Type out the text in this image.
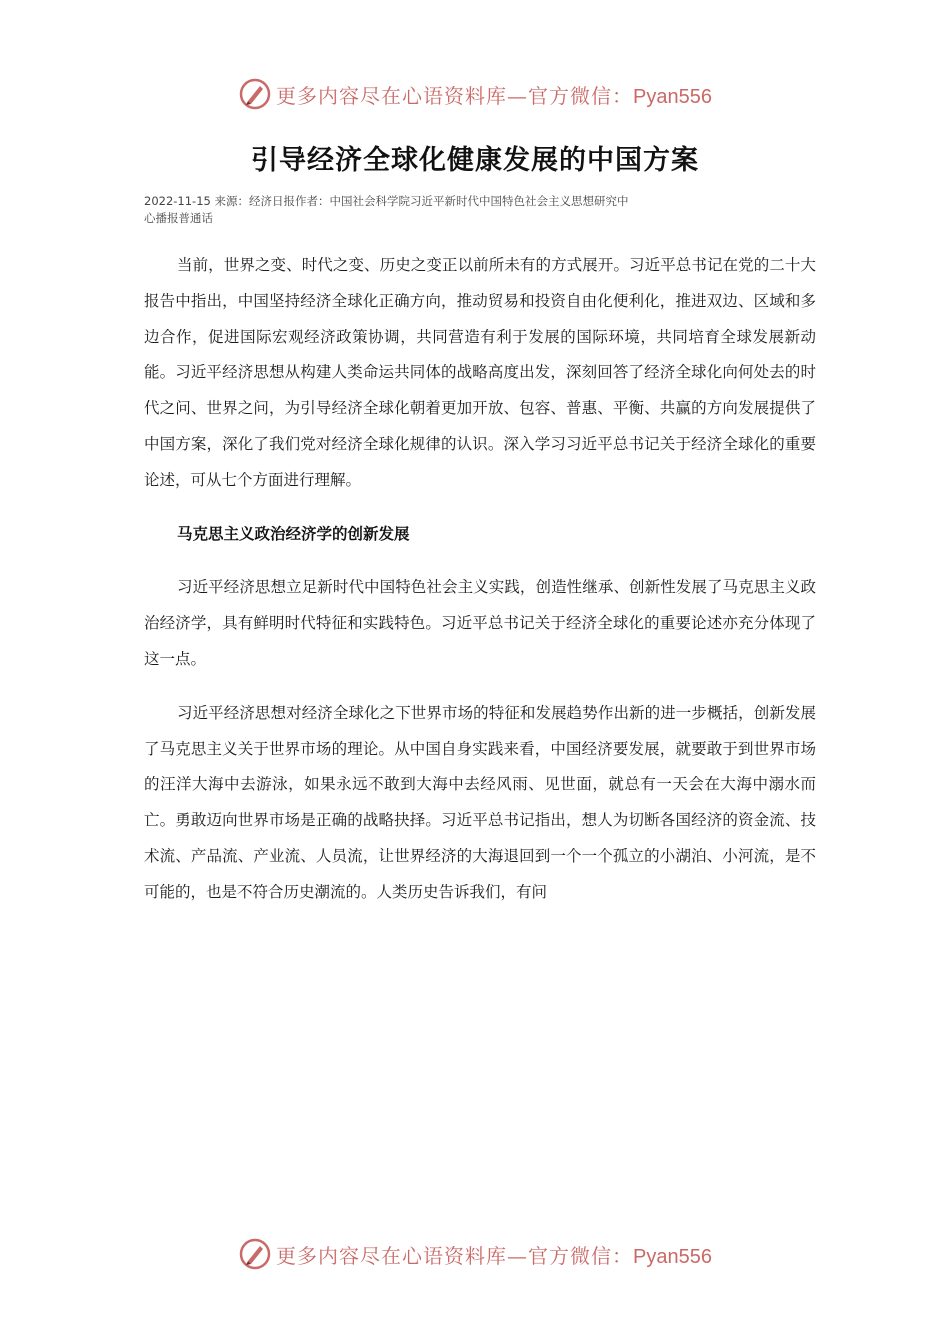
更多内容尽在心语资料库—官方微信：Pyan556
引导经济全球化健康发展的中国方案
2022-11-15 来源：经济日报作者：中国社会科学院习近平新时代中国特色社会主义思想研究中
心播报普通话

当前，世界之变、时代之变、历史之变正以前所未有的方式展开。习近平总书记在党的二十大报告中指出，中国坚持经济全球化正确方向，推动贸易和投资自由化便利化，推进双边、区域和多边合作，促进国际宏观经济政策协调，共同营造有利于发展的国际环境，共同培育全球发展新动能。习近平经济思想从构建人类命运共同体的战略高度出发，深刻回答了经济全球化向何处去的时代之问、世界之问，为引导经济全球化朝着更加开放、包容、普惠、平衡、共赢的方向发展提供了中国方案，深化了我们党对经济全球化规律的认识。深入学习习近平总书记关于经济全球化的重要论述，可从七个方面进行理解。

马克思主义政治经济学的创新发展

习近平经济思想立足新时代中国特色社会主义实践，创造性继承、创新性发展了马克思主义政治经济学，具有鲜明时代特征和实践特色。习近平总书记关于经济全球化的重要论述亦充分体现了这一点。

习近平经济思想对经济全球化之下世界市场的特征和发展趋势作出新的进一步概括，创新发展了马克思主义关于世界市场的理论。从中国自身实践来看，中国经济要发展，就要敢于到世界市场的汪洋大海中去游泳，如果永远不敢到大海中去经风雨、见世面，就总有一天会在大海中溺水而亡。勇敢迈向世界市场是正确的战略抉择。习近平总书记指出，想人为切断各国经济的资金流、技术流、产品流、产业流、人员流，让世界经济的大海退回到一个一个孤立的小湖泊、小河流，是不可能的，也是不符合历史潮流的。人类历史告诉我们，有问

更多内容尽在心语资料库—官方微信：Pyan556
